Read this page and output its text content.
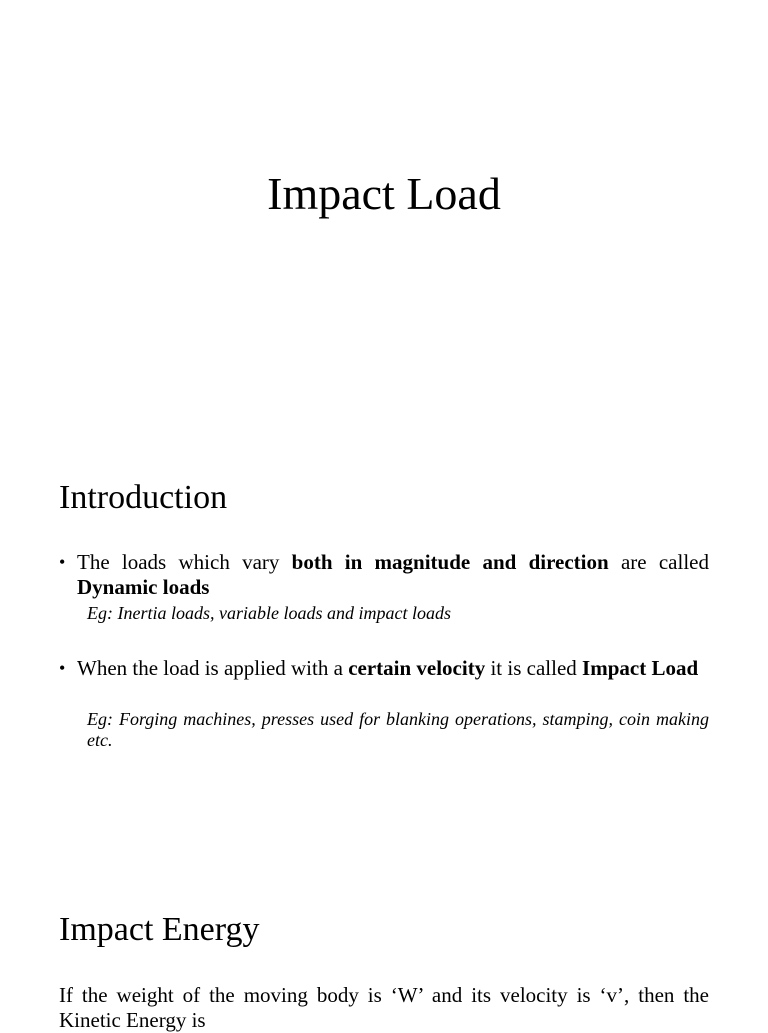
Impact Load
Introduction

• The loads which vary both in magnitude and direction are called Dynamic loads

Eg: Inertia loads, variable loads and impact loads

• When the load is applied with a certain velocity it is called Impact Load

Eg: Forging machines, presses used for blanking operations, stamping, coin making etc.

Impact Energy

If the weight of the moving body is ‘W’ and its velocity is ‘v’, then the Kinetic Energy is
